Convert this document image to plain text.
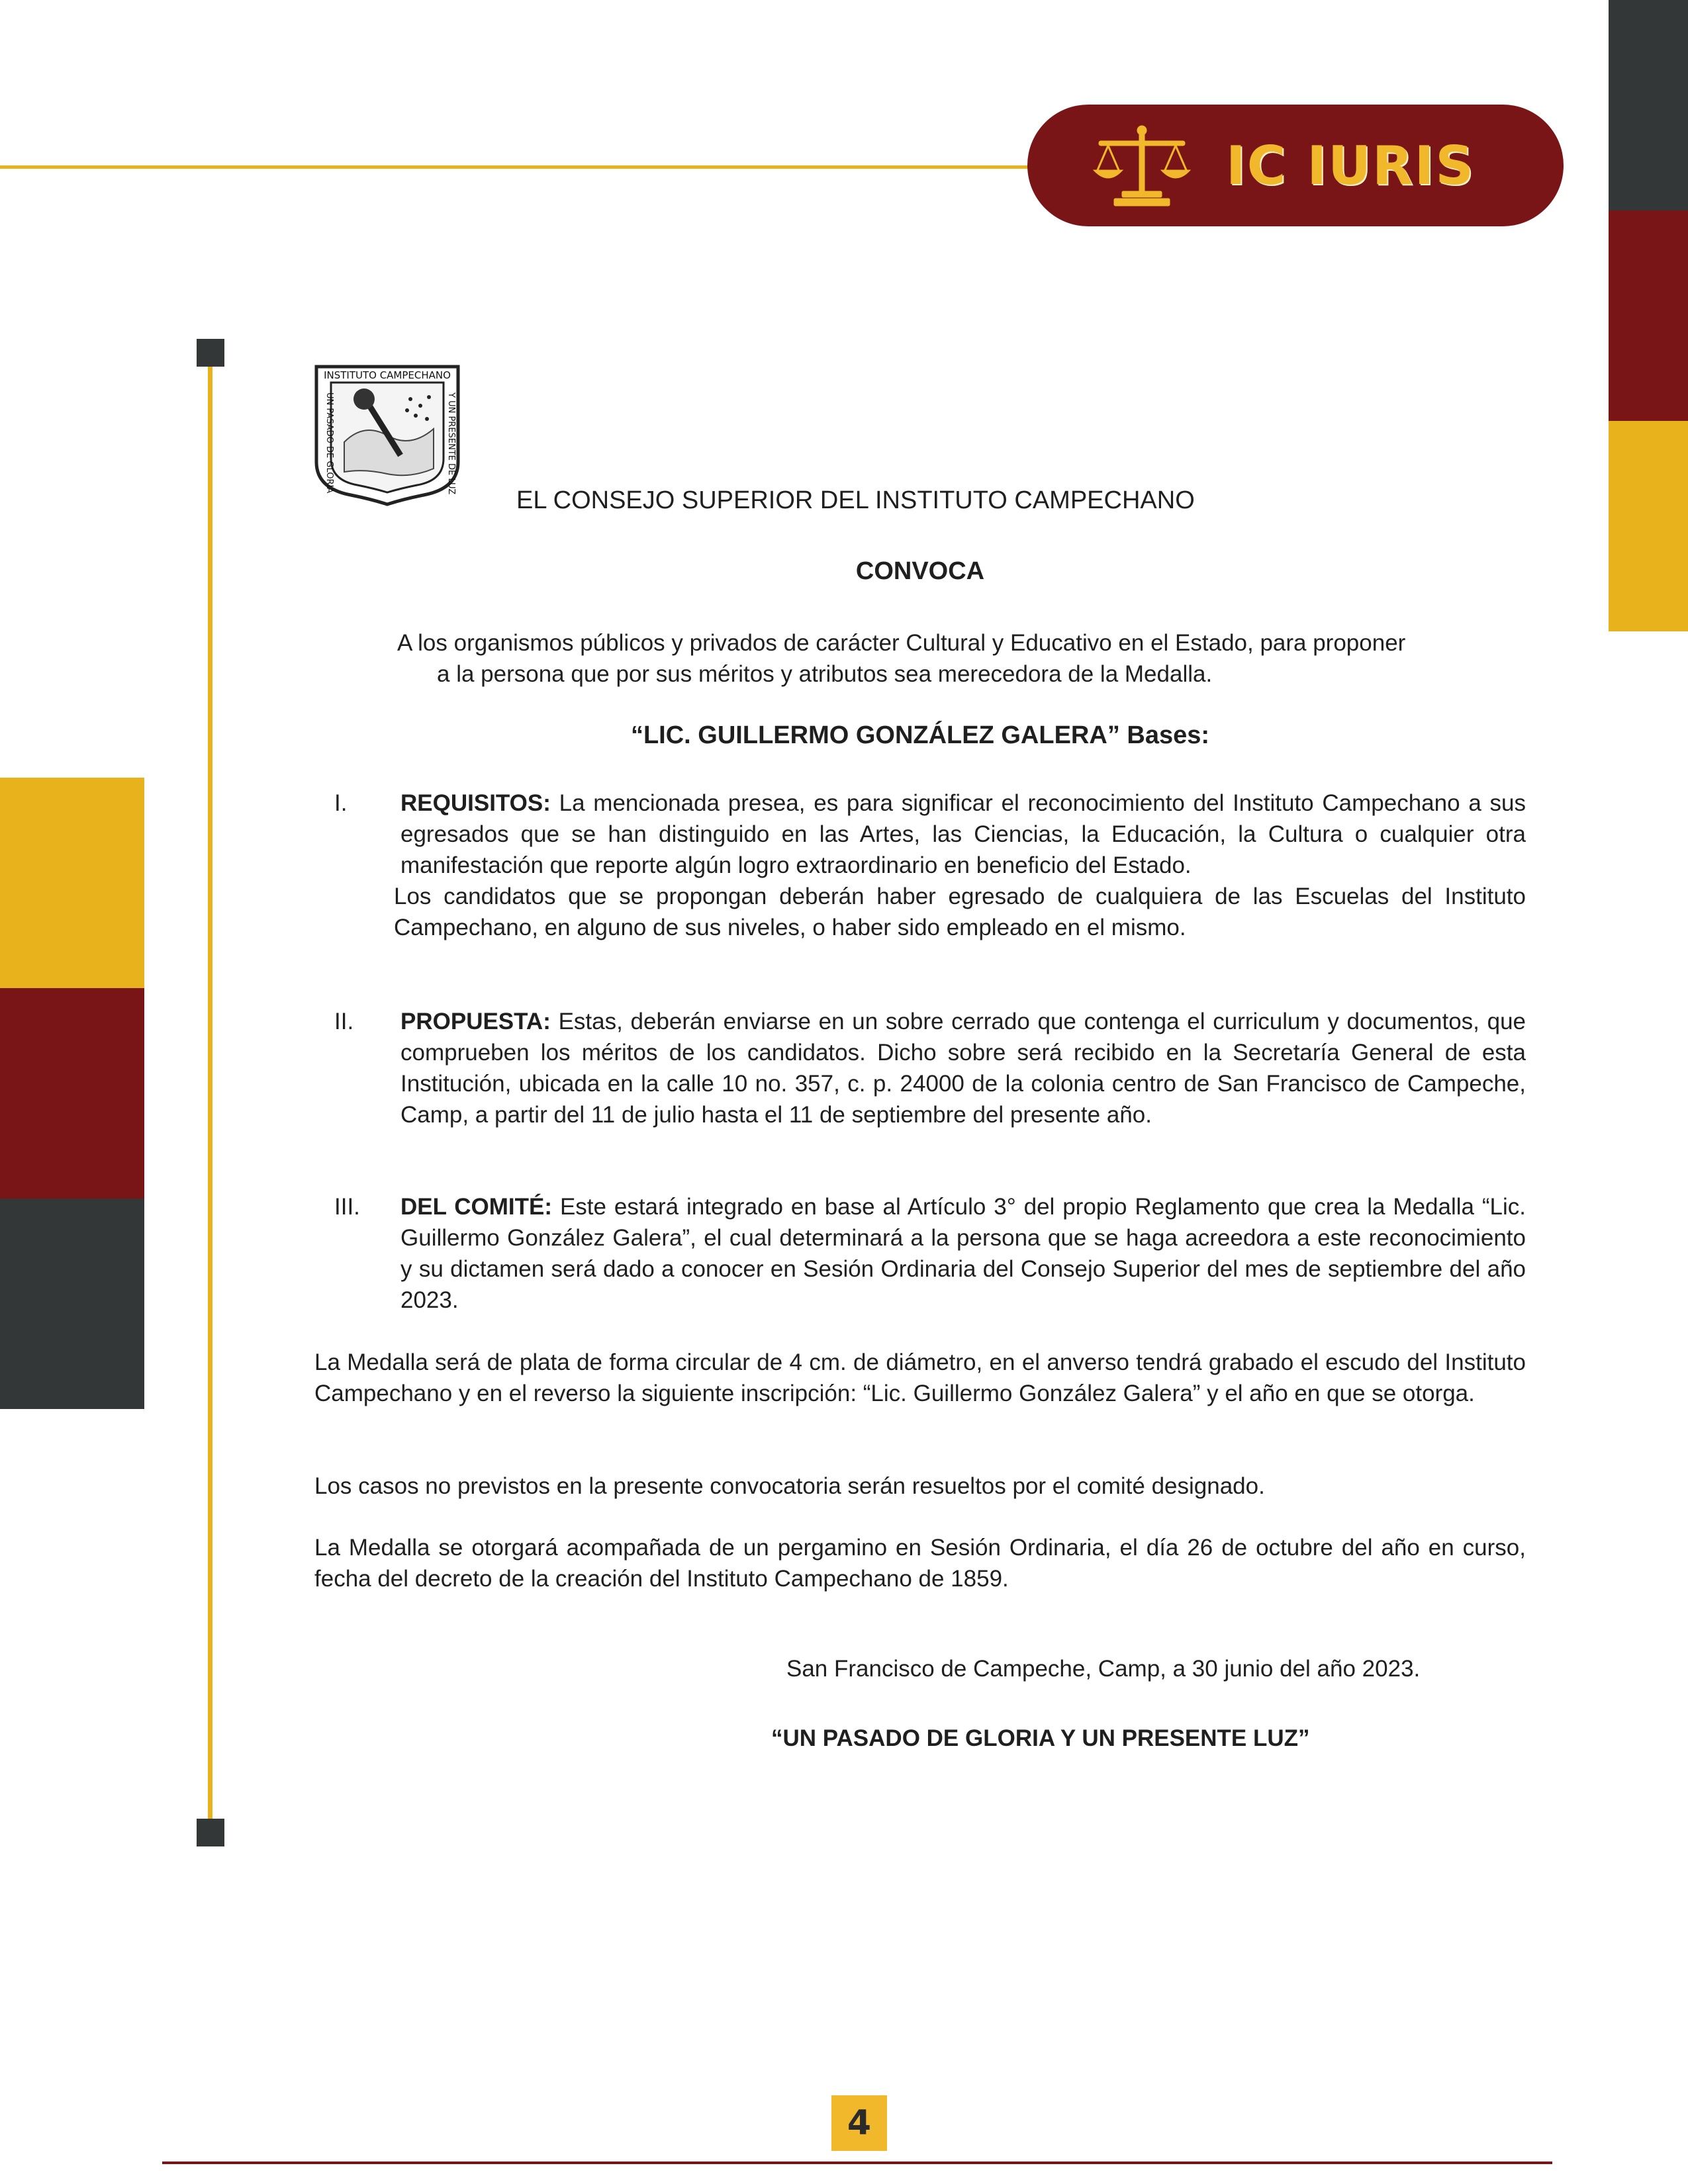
IC IURIS
INSTITUTO CAMPECHANO
UN PASADO DE GLORIA	Y UN PRESENTE DE LUZ
EL CONSEJO SUPERIOR DEL INSTITUTO CAMPECHANO
CONVOCA
A los organismos públicos y privados de carácter Cultural y Educativo en el Estado, para proponer
a la persona que por sus méritos y atributos sea merecedora de la Medalla.
“LIC. GUILLERMO GONZÁLEZ GALERA” Bases:
I. REQUISITOS: La mencionada presea, es para significar el reconocimiento del Instituto Campechano a sus egresados que se han distinguido en las Artes, las Ciencias, la Educación, la Cultura o cualquier otra manifestación que reporte algún logro extraordinario en beneficio del Estado.
Los candidatos que se propongan deberán haber egresado de cualquiera de las Escuelas del Instituto Campechano, en alguno de sus niveles, o haber sido empleado en el mismo.
II. PROPUESTA: Estas, deberán enviarse en un sobre cerrado que contenga el curriculum y documentos, que comprueben los méritos de los candidatos. Dicho sobre será recibido en la Secretaría General de esta Institución, ubicada en la calle 10 no. 357, c. p. 24000 de la colonia centro de San Francisco de Campeche, Camp, a partir del 11 de julio hasta el 11 de septiembre del presente año.
III. DEL COMITÉ: Este estará integrado en base al Artículo 3° del propio Reglamento que crea la Medalla “Lic. Guillermo González Galera”, el cual determinará a la persona que se haga acreedora a este reconocimiento y su dictamen será dado a conocer en Sesión Ordinaria del Consejo Superior del mes de septiembre del año 2023.
La Medalla será de plata de forma circular de 4 cm. de diámetro, en el anverso tendrá grabado el escudo del Instituto Campechano y en el reverso la siguiente inscripción: “Lic. Guillermo González Galera” y el año en que se otorga.
Los casos no previstos en la presente convocatoria serán resueltos por el comité designado.
La Medalla se otorgará acompañada de un pergamino en Sesión Ordinaria, el día 26 de octubre del año en curso, fecha del decreto de la creación del Instituto Campechano de 1859.
San Francisco de Campeche, Camp, a 30 junio del año 2023.
“UN PASADO DE GLORIA Y UN PRESENTE LUZ”
4
